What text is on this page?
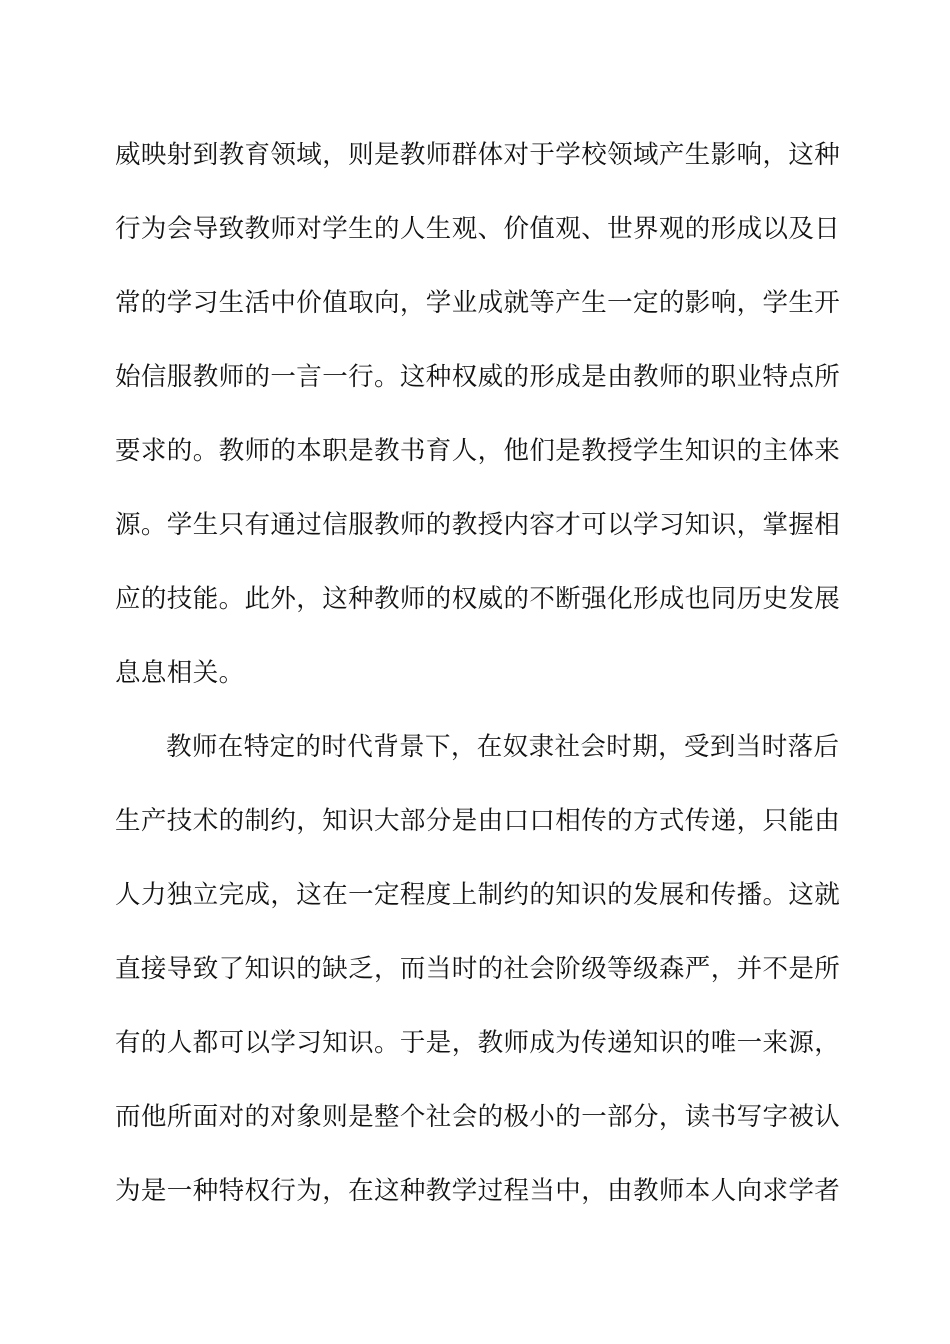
威映射到教育领域，则是教师群体对于学校领域产生影响，这种
行为会导致教师对学生的人生观、价值观、世界观的形成以及日
常的学习生活中价值取向，学业成就等产生一定的影响，学生开
始信服教师的一言一行。这种权威的形成是由教师的职业特点所
要求的。教师的本职是教书育人，他们是教授学生知识的主体来
源。学生只有通过信服教师的教授内容才可以学习知识，掌握相
应的技能。此外，这种教师的权威的不断强化形成也同历史发展
息息相关。
教师在特定的时代背景下，在奴隶社会时期，受到当时落后
生产技术的制约，知识大部分是由口口相传的方式传递，只能由
人力独立完成，这在一定程度上制约的知识的发展和传播。这就
直接导致了知识的缺乏，而当时的社会阶级等级森严，并不是所
有的人都可以学习知识。于是，教师成为传递知识的唯一来源，
而他所面对的对象则是整个社会的极小的一部分，读书写字被认
为是一种特权行为，在这种教学过程当中，由教师本人向求学者
